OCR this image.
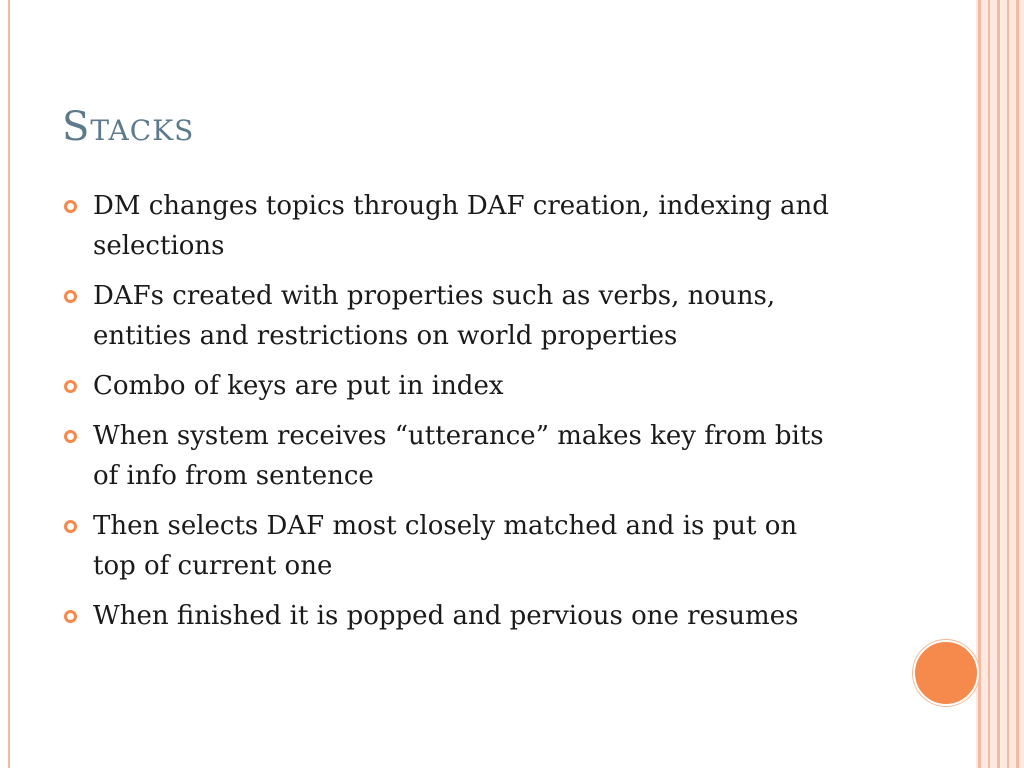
Stacks
DM changes topics through DAF creation, indexing and selections
DAFs created with properties such as verbs, nouns, entities and restrictions on world properties
Combo of keys are put in index
When system receives “utterance” makes key from bits of info from sentence
Then selects DAF most closely matched and is put on top of current one
When finished it is popped and pervious one resumes
